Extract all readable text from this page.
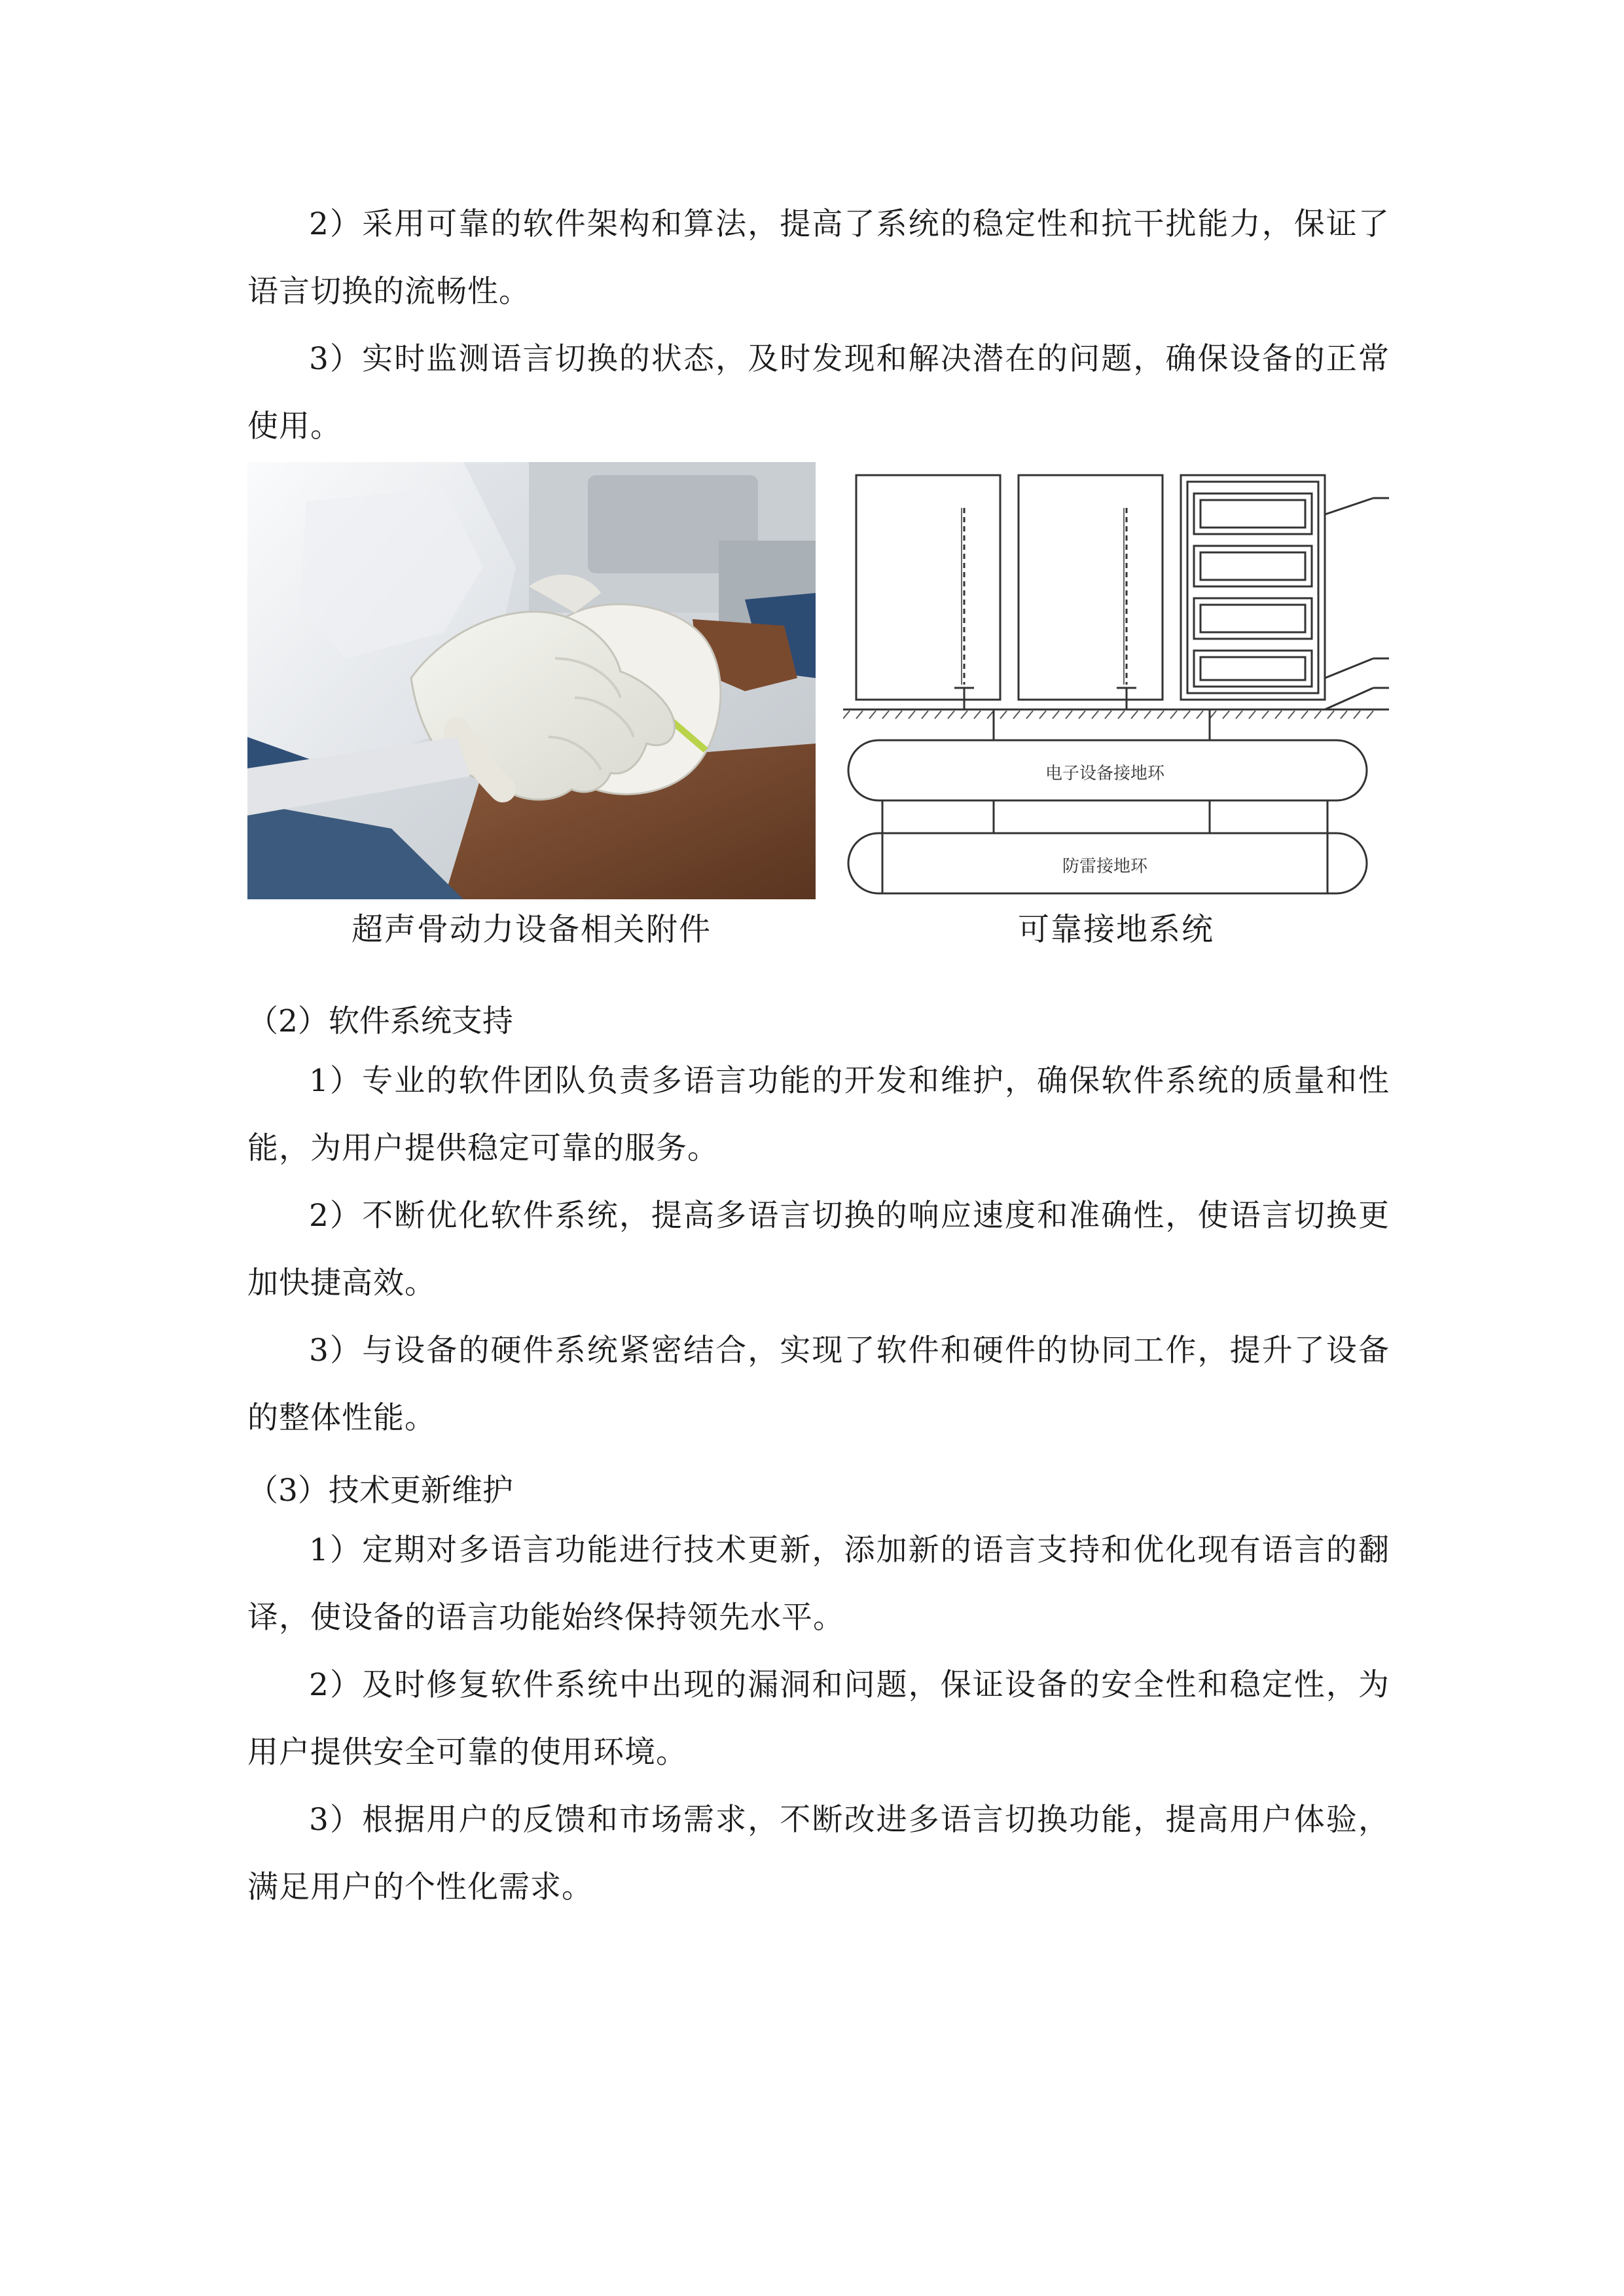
2）采用可靠的软件架构和算法，提高了系统的稳定性和抗干扰能力，保证了语言切换的流畅性。

3）实时监测语言切换的状态，及时发现和解决潜在的问题，确保设备的正常使用。

电子设备接地环
防雷接地环
超声骨动力设备相关附件	可靠接地系统
（2）软件系统支持

1）专业的软件团队负责多语言功能的开发和维护，确保软件系统的质量和性能，为用户提供稳定可靠的服务。

2）不断优化软件系统，提高多语言切换的响应速度和准确性，使语言切换更加快捷高效。

3）与设备的硬件系统紧密结合，实现了软件和硬件的协同工作，提升了设备的整体性能。

（3）技术更新维护

1）定期对多语言功能进行技术更新，添加新的语言支持和优化现有语言的翻译，使设备的语言功能始终保持领先水平。

2）及时修复软件系统中出现的漏洞和问题，保证设备的安全性和稳定性，为用户提供安全可靠的使用环境。

3）根据用户的反馈和市场需求，不断改进多语言切换功能，提高用户体验，满足用户的个性化需求。
